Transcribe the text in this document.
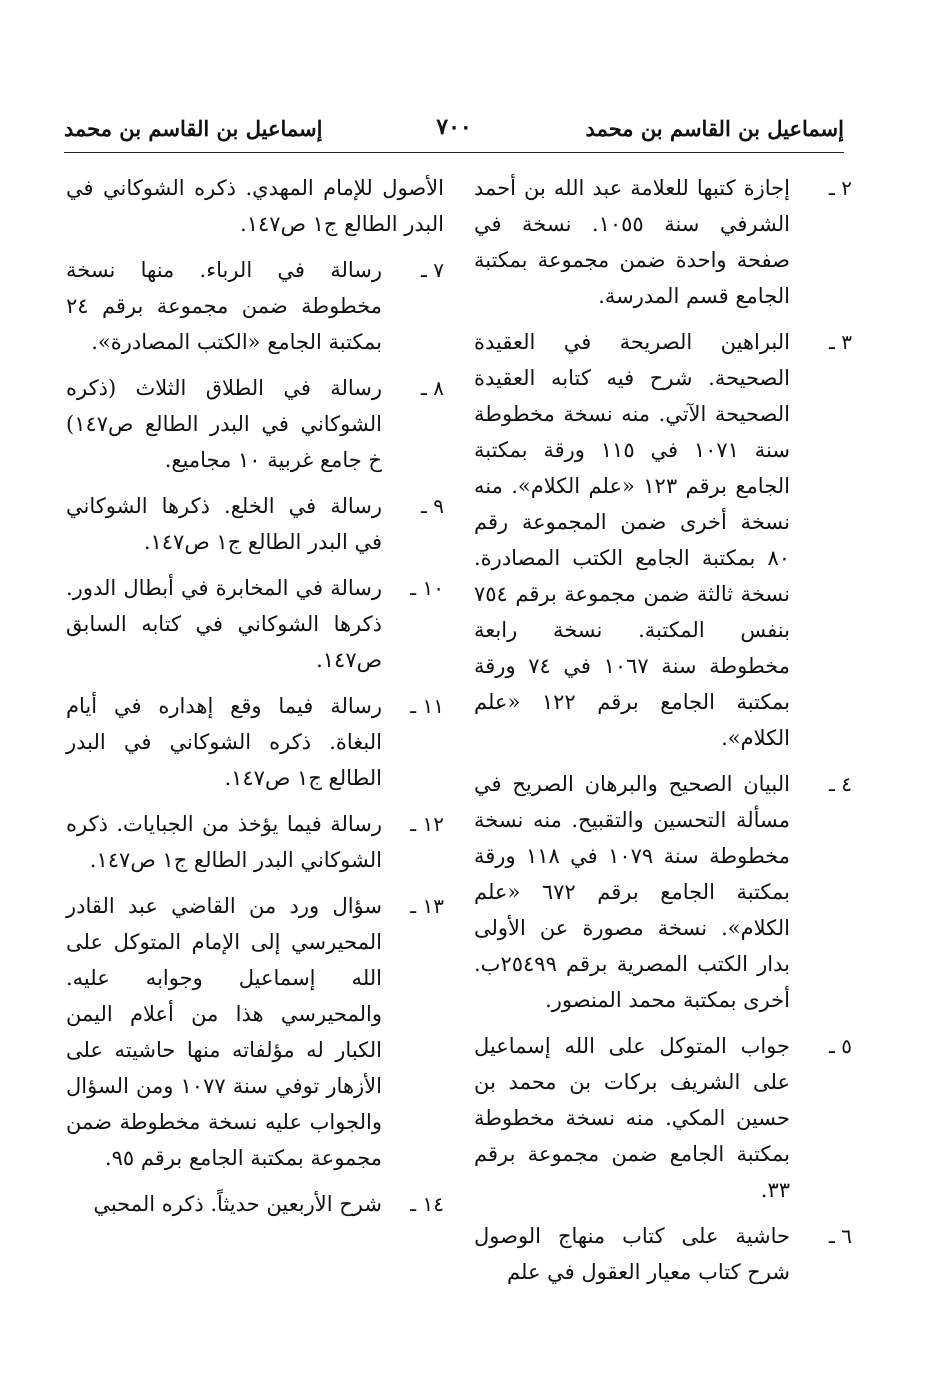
إسماعيل بن القاسم بن محمد
٧٠٠
إسماعيل بن القاسم بن محمد
٢ ـ
إجازة كتبها للعلامة عبد الله بن أحمد الشرفي سنة ١٠٥٥. نسخة في صفحة واحدة ضمن مجموعة بمكتبة الجامع قسم المدرسة.
٣ ـ
البراهين الصريحة في العقيدة الصحيحة. شرح فيه كتابه العقيدة الصحيحة الآتي. منه نسخة مخطوطة سنة ١٠٧١ في ١١٥ ورقة بمكتبة الجامع برقم ١٢٣ «علم الكلام». منه نسخة أخرى ضمن المجموعة رقم ٨٠ بمكتبة الجامع الكتب المصادرة. نسخة ثالثة ضمن مجموعة برقم ٧٥٤ بنفس المكتبة. نسخة رابعة مخطوطة سنة ١٠٦٧ في ٧٤ ورقة بمكتبة الجامع برقم ١٢٢ «علم الكلام».
٤ ـ
البيان الصحيح والبرهان الصريح في مسألة التحسين والتقبيح. منه نسخة مخطوطة سنة ١٠٧٩ في ١١٨ ورقة بمكتبة الجامع برقم ٦٧٢ «علم الكلام». نسخة مصورة عن الأولى بدار الكتب المصرية برقم ٢٥٤٩٩ب. أخرى بمكتبة محمد المنصور.
٥ ـ
جواب المتوكل على الله إسماعيل على الشريف بركات بن محمد بن حسين المكي. منه نسخة مخطوطة بمكتبة الجامع ضمن مجموعة برقم ٣٣.
٦ ـ
حاشية على كتاب منهاج الوصول شرح كتاب معيار العقول في علم
الأصول للإمام المهدي. ذكره الشوكاني في البدر الطالع ج١ ص١٤٧.
٧ ـ
رسالة في الرباء. منها نسخة مخطوطة ضمن مجموعة برقم ٢٤ بمكتبة الجامع «الكتب المصادرة».
٨ ـ
رسالة في الطلاق الثلاث (ذكره الشوكاني في البدر الطالع ص١٤٧) خ جامع غربية ١٠ مجاميع.
٩ ـ
رسالة في الخلع. ذكرها الشوكاني في البدر الطالع ج١ ص١٤٧.
١٠ ـ
رسالة في المخابرة في أبطال الدور. ذكرها الشوكاني في كتابه السابق ص١٤٧.
١١ ـ
رسالة فيما وقع إهداره في أيام البغاة. ذكره الشوكاني في البدر الطالع ج١ ص١٤٧.
١٢ ـ
رسالة فيما يؤخذ من الجبايات. ذكره الشوكاني البدر الطالع ج١ ص١٤٧.
١٣ ـ
سؤال ورد من القاضي عبد القادر المحيرسي إلى الإمام المتوكل على الله إسماعيل وجوابه عليه. والمحيرسي هذا من أعلام اليمن الكبار له مؤلفاته منها حاشيته على الأزهار توفي سنة ١٠٧٧ ومن السؤال والجواب عليه نسخة مخطوطة ضمن مجموعة بمكتبة الجامع برقم ٩٥.
١٤ ـ
شرح الأربعين حديثاً. ذكره المحبي
